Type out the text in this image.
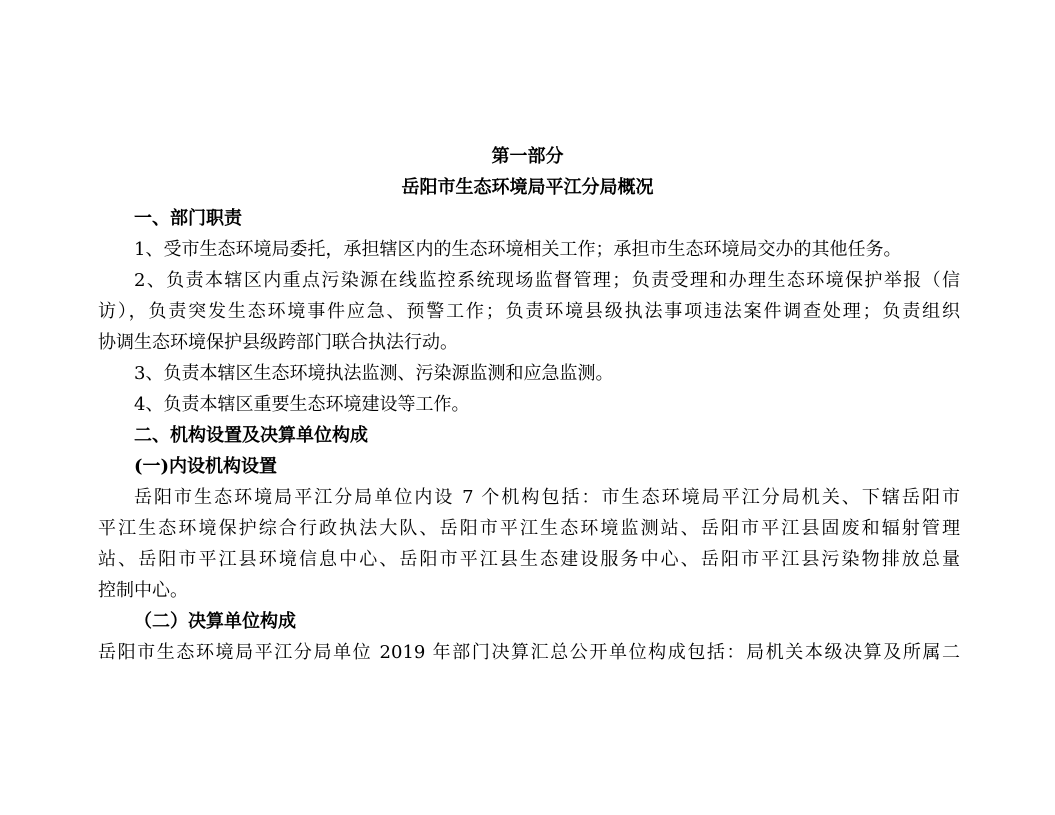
第一部分
岳阳市生态环境局平江分局概况
一、部门职责
1、受市生态环境局委托，承担辖区内的生态环境相关工作；承担市生态环境局交办的其他任务。
2、负责本辖区内重点污染源在线监控系统现场监督管理；负责受理和办理生态环境保护举报（信
访），负责突发生态环境事件应急、预警工作；负责环境县级执法事项违法案件调查处理；负责组织
协调生态环境保护县级跨部门联合执法行动。
3、负责本辖区生态环境执法监测、污染源监测和应急监测。
4、负责本辖区重要生态环境建设等工作。
二、机构设置及决算单位构成
(一)内设机构设置
岳阳市生态环境局平江分局单位内设 7 个机构包括：市生态环境局平江分局机关、下辖岳阳市
平江生态环境保护综合行政执法大队、岳阳市平江生态环境监测站、岳阳市平江县固废和辐射管理
站、岳阳市平江县环境信息中心、岳阳市平江县生态建设服务中心、岳阳市平江县污染物排放总量
控制中心。
（二）决算单位构成
岳阳市生态环境局平江分局单位 2019 年部门决算汇总公开单位构成包括：局机关本级决算及所属二
